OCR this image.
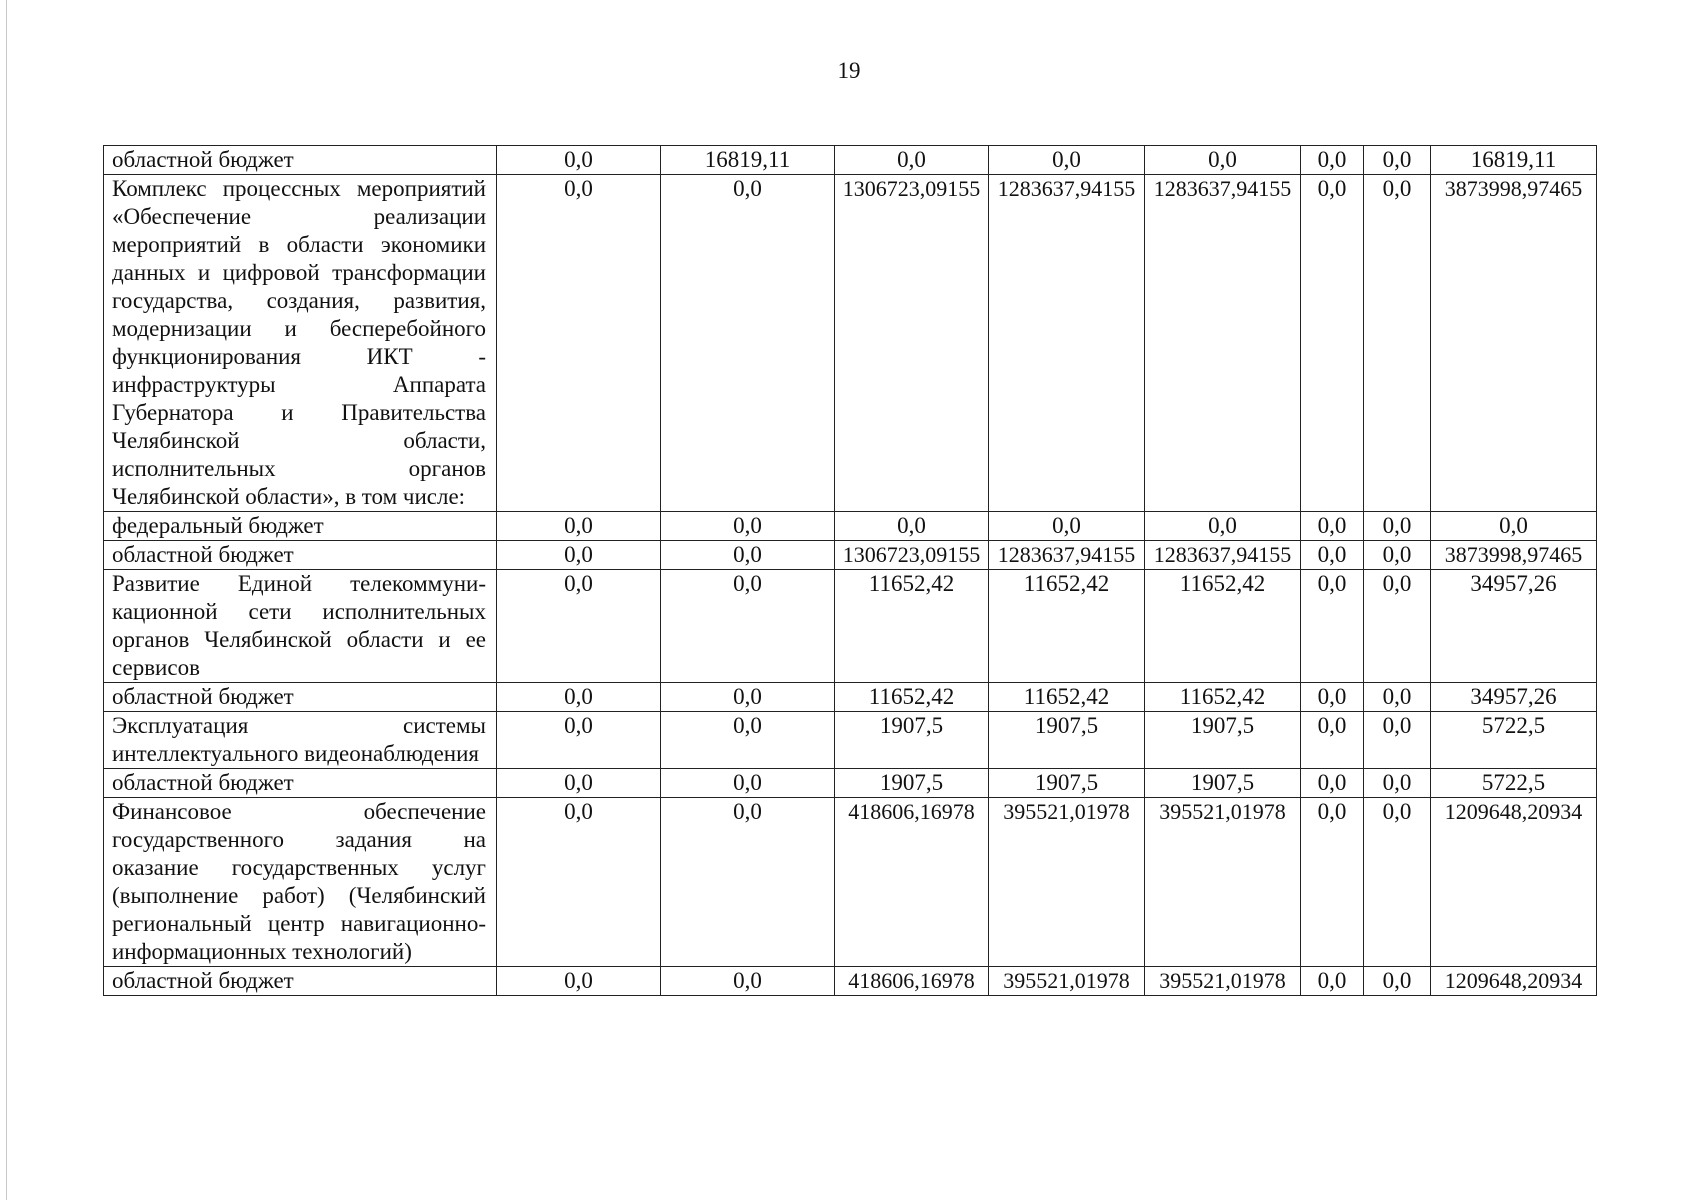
19
областной бюджет	0,0	16819,11	0,0	0,0	0,0	0,0	0,0	16819,11
Комплекс процессных мероприятий «Обеспечение реализации мероприятий в области экономики данных и цифровой трансформации государства, создания, развития, модернизации и бесперебойного функционирования ИКТ - инфраструктуры Аппарата Губернатора и Правительства Челябинской области, исполнительных органов Челябинской области», в том числе:	0,0	0,0	1306723,09155	1283637,94155	1283637,94155	0,0	0,0	3873998,97465
федеральный бюджет	0,0	0,0	0,0	0,0	0,0	0,0	0,0	0,0
областной бюджет	0,0	0,0	1306723,09155	1283637,94155	1283637,94155	0,0	0,0	3873998,97465
Развитие Единой телекоммуни-кационной сети исполнительных органов Челябинской области и ее сервисов	0,0	0,0	11652,42	11652,42	11652,42	0,0	0,0	34957,26
областной бюджет	0,0	0,0	11652,42	11652,42	11652,42	0,0	0,0	34957,26
Эксплуатация системы интеллектуального видеонаблюдения	0,0	0,0	1907,5	1907,5	1907,5	0,0	0,0	5722,5
областной бюджет	0,0	0,0	1907,5	1907,5	1907,5	0,0	0,0	5722,5
Финансовое обеспечение государственного задания на оказание государственных услуг (выполнение работ) (Челябинский региональный центр навигационно-информационных технологий)	0,0	0,0	418606,16978	395521,01978	395521,01978	0,0	0,0	1209648,20934
областной бюджет	0,0	0,0	418606,16978	395521,01978	395521,01978	0,0	0,0	1209648,20934
